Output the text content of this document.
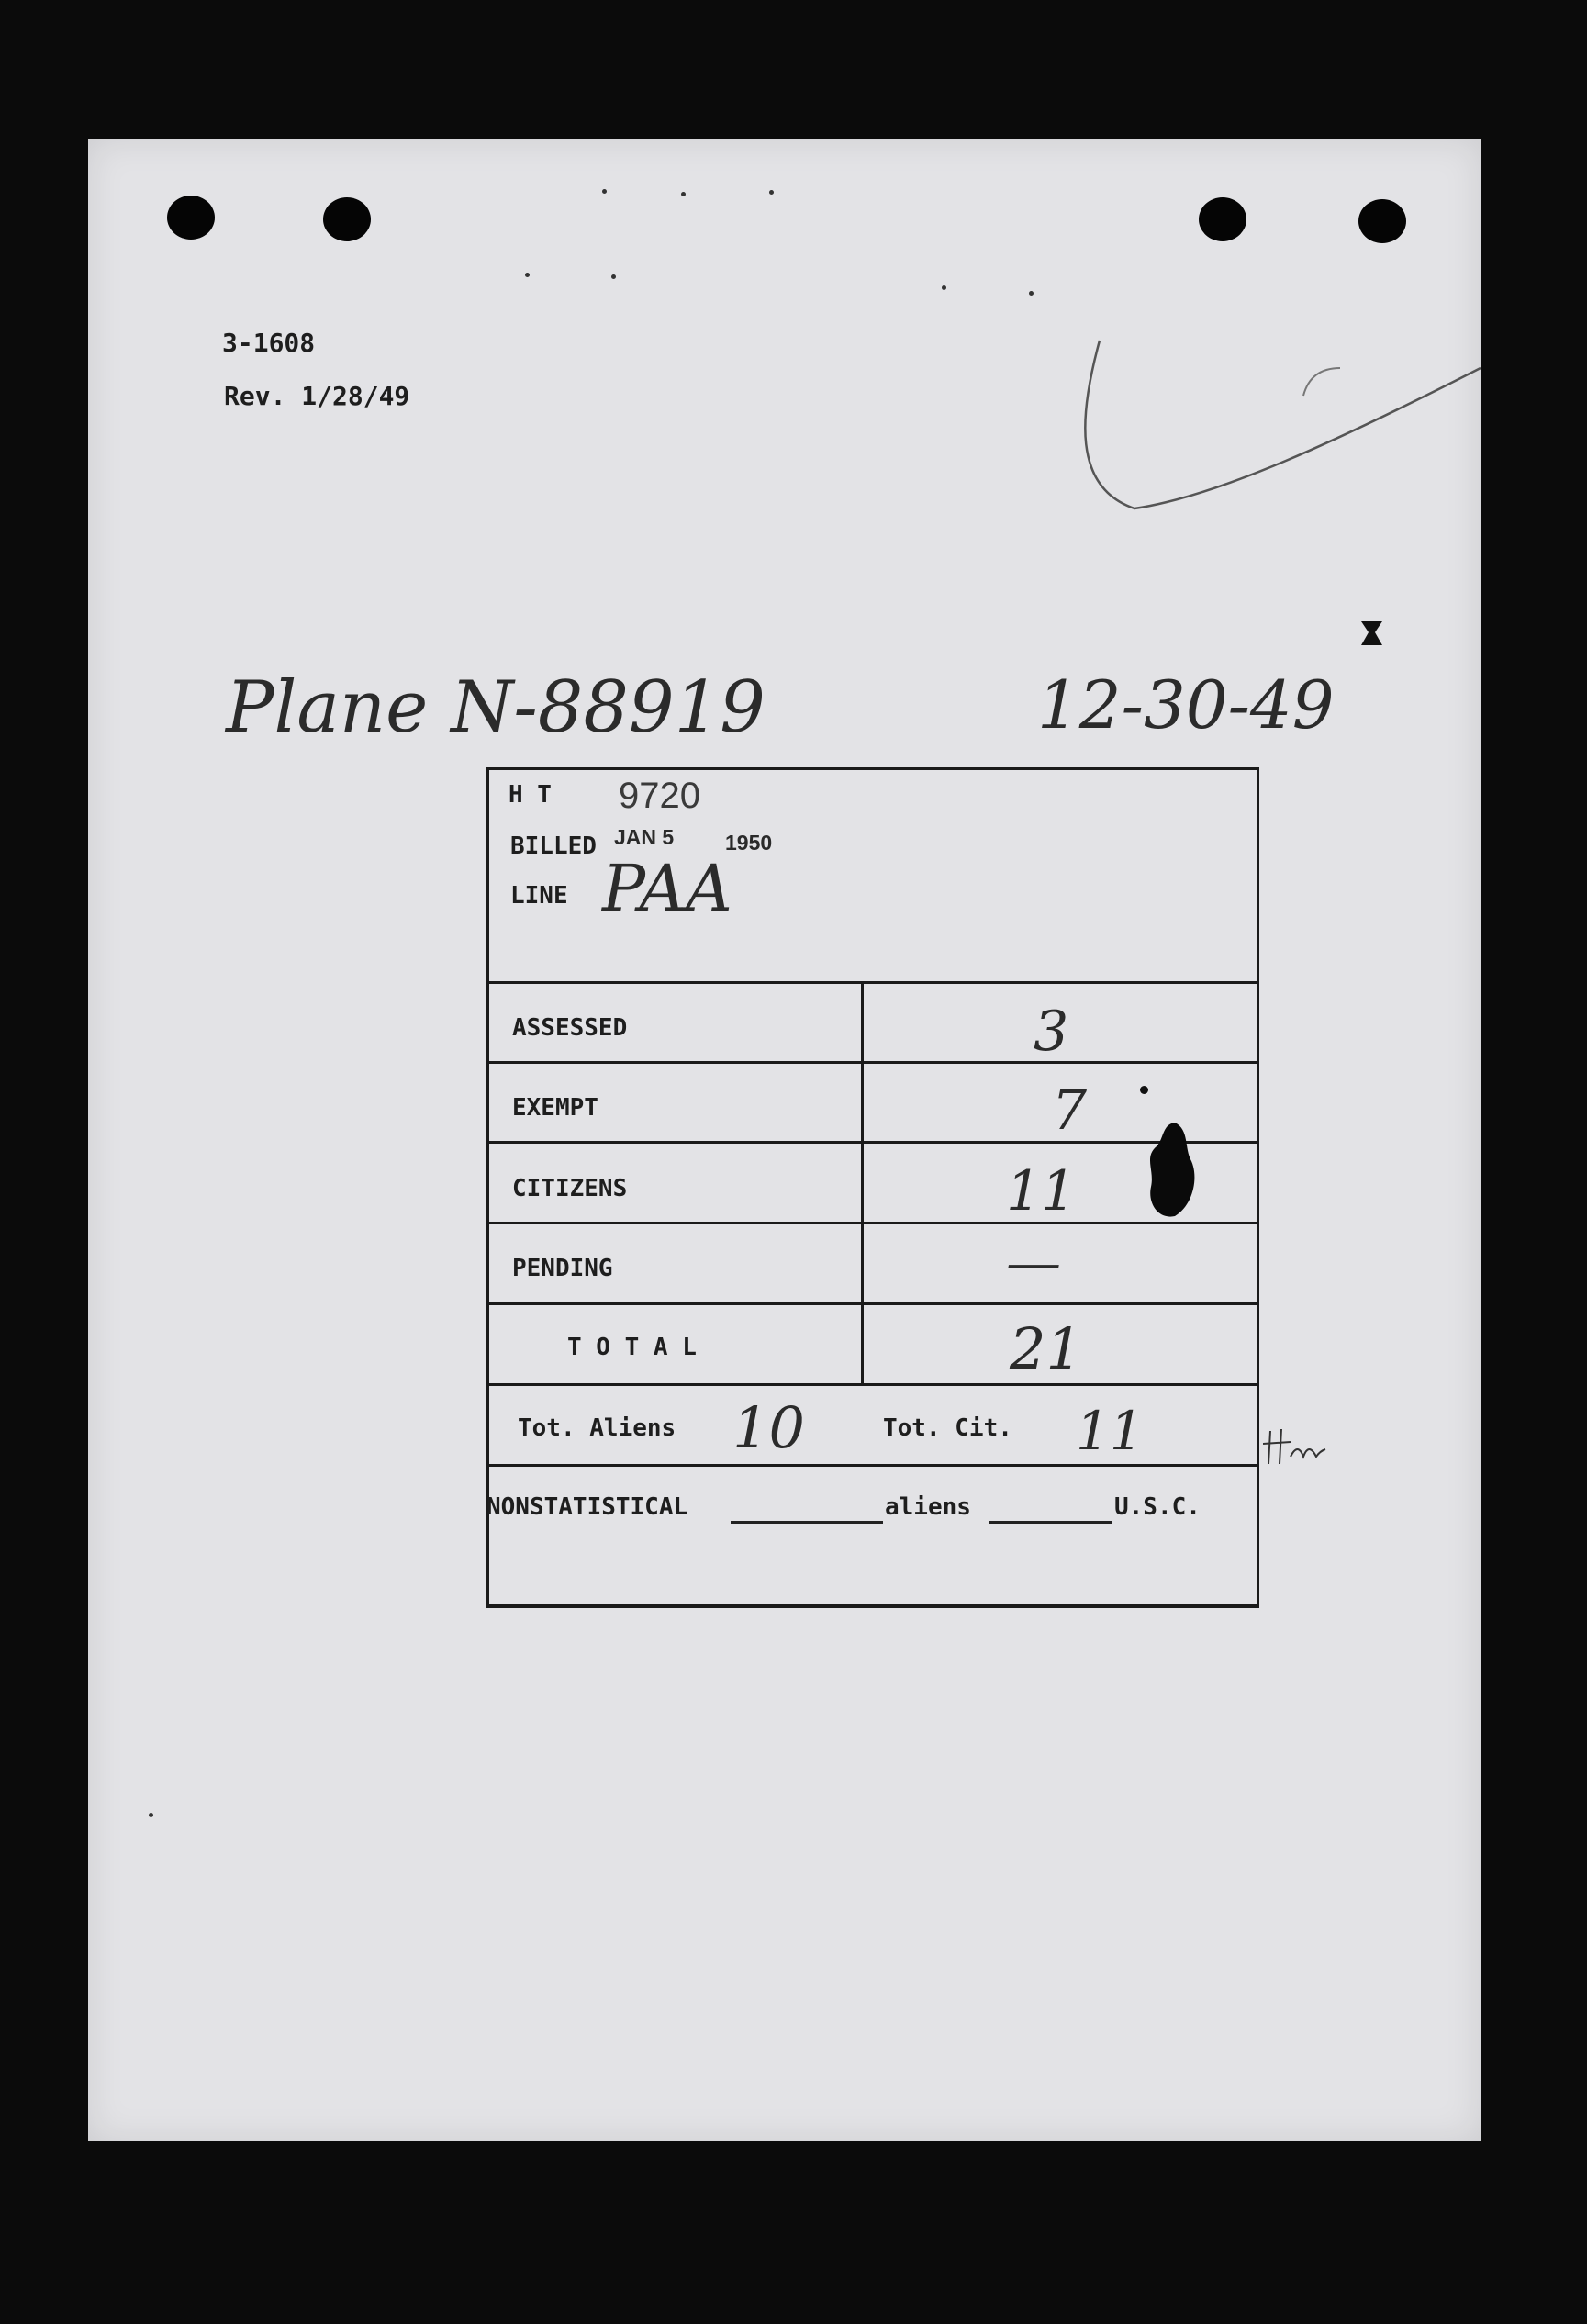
3-1608
Rev. 1/28/49
Plane N-88919	12-30-49
H T 9720
BILLED JAN 5 1950
LINE PAA
ASSESSED	3
EXEMPT	7
CITIZENS	11
PENDING	—
T O T A L	21
Tot. Aliens 10	Tot. Cit. 11
NONSTATISTICAL	aliens	U.S.C.
